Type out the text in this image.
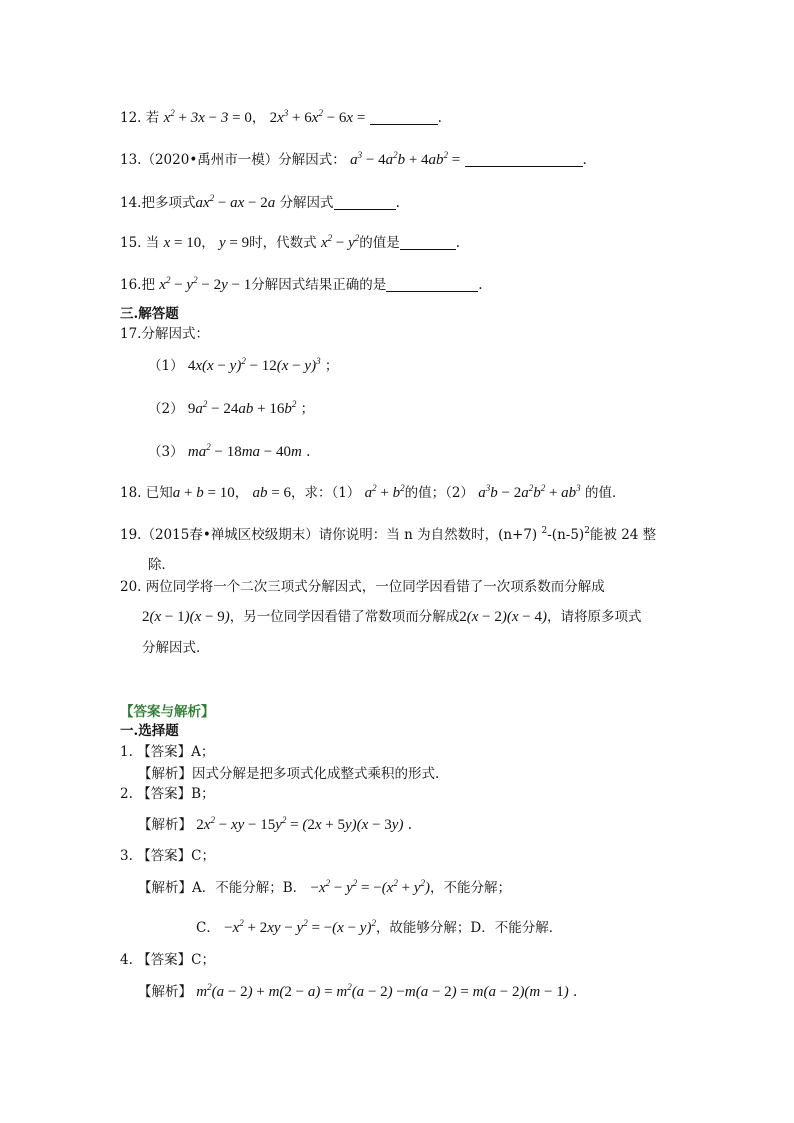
12. 若 $x^2 + 3x - 3 = 0$， $2x^3 + 6x^2 - 6x$ =	.
13.（2020•禹州市一模）分解因式： $a^3 - 4a^2b + 4ab^2$ =	.
14.把多项式$ax^2$ − ax − 2a 分解因式	.
15. 当 x = 10， y = 9时，代数式 $x^2 - y^2$的值是	.
16.把 $x^2 - y^2 - 2y - 1$分解因式结果正确的是	.
三.解答题
17.分解因式：
（1） $4x(x - y)^2 - 12(x - y)^3$ ；
（2） $9a^2 - 24ab + 16b^2$ ；
（3） $ma^2 - 18ma - 40m$ .
18. 已知a + b = 10， ab = 6，求：（1） $a^2 + b^2$的值；（2） $a^3b - 2a^2b^2 + ab^3$ 的值．
19.（2015春•禅城区校级期末）请你说明：当 n 为自然数时，(n+7) $^2-(n-5)^2$能被 24 整
除．
20. 两位同学将一个二次三项式分解因式，一位同学因看错了一次项系数而分解成
2(x − 1)(x − 9)，另一位同学因看错了常数项而分解成2(x − 2)(x − 4)，请将原多项式
分解因式．
【答案与解析】
一.选择题
1. 【答案】A；
【解析】因式分解是把多项式化成整式乘积的形式.
2. 【答案】B；
【解析】 $2x^2$ − xy − $15y^2 = (2x + 5y)(x - 3y)$ .
3. 【答案】C；
【解析】A．不能分解；B． $-x^2 - y^2 = -(x^2 + y^2)$，不能分解；
C． $-x^2 + 2xy - y^2 = -(x - y)^2$，故能够分解；D．不能分解．
4. 【答案】C；
【解析】 $m^2(a - 2) + m(2 - a) = m^2(a - 2) -m(a - 2) = m(a - 2)(m - 1)$ .
